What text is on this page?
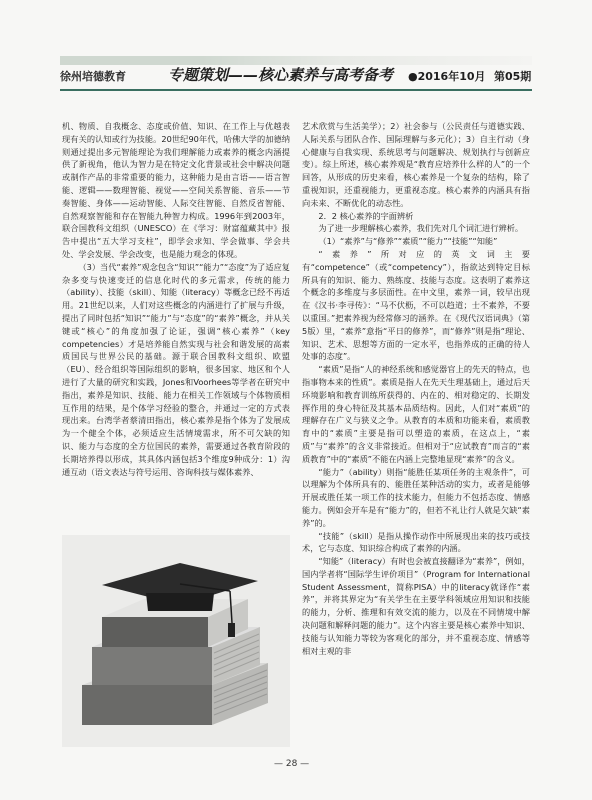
徐州培德教育	专题策划——核心素养与高考备考 ●2016年10月 第05期

机、物质、自我概念、态度或价值、知识、在工作上与优越表现有关的认知或行为技能。20世纪90年代，哈佛大学的加德纳则通过提出多元智能理论为我们理解能力或素养的概念内涵提供了新视角，他认为智力是在特定文化背景或社会中解决问题或制作产品的非常重要的能力，这种能力是由言语——语言智能、逻辑——数理智能、视觉——空间关系智能、音乐——节奏智能、身体——运动智能、人际交往智能、自然反省智能、自然观察智能和存在智能九种智力构成。1996年到2003年，联合国教科文组织（UNESCO）在《学习：财富蕴藏其中》报告中提出“五大学习支柱”，即学会求知、学会做事、学会共处、学会发展、学会改变，也是能力观念的体现。

（3）当代“素养”观念包含“知识”“能力”“态度”为了适应复杂多变与快速变迁的信息化时代的多元需求，传统的能力（ability）、技能（skill）、知能（literacy）等概念已经不再适用。21世纪以来，人们对这些概念的内涵进行了扩展与升级，提出了同时包括“知识”“能力”与“态度”的“素养”概念，并从关键或“核心”的角度加强了论证，强调“核心素养”（key competencies）才是培养能自然实现与社会和谐发展的高素质国民与世界公民的基础。源于联合国教科文组织、欧盟（EU）、经合组织等国际组织的影响，很多国家、地区和个人进行了大量的研究和实践，Jones和Voorhees等学者在研究中指出，素养是知识、技能、能力在相关工作领域与个体物质相互作用的结果，是个体学习经验的整合，并通过一定的方式表现出来。台湾学者蔡清田指出，核心素养是指个体为了发展成为一个健全个体，必须适应生活情境需求，所不可欠缺的知识、能力与态度的全方位国民的素养，需要通过各教育阶段的长期培养得以形成，其具体内涵包括3个维度9种成分：1）沟通互动（语文表达与符号运用、咨询科技与媒体素养、

艺术欣赏与生活美学）；2）社会参与（公民责任与道德实践、人际关系与团队合作、国际理解与多元化）；3）自主行动（身心健康与自我实现、系统思考与问题解决、规划执行与创新应变）。综上所述，核心素养观是“教育应培养什么样的人”的一个回答，从形成的历史来看，核心素养是一个复杂的结构，除了重视知识，还重视能力，更重视态度。核心素养的内涵具有指向未来、不断优化的动态性。

2．2 核心素养的字面辨析

为了进一步理解核心素养，我们先对几个词汇进行辨析。

（1）“素养”与“修养”“素质”“能力”“技能”“知能”

“素养”所对应的英文词主要有“competence”（或“competency”），指欲达到特定目标所具有的知识、能力、熟练度、技能与态度。这表明了素养这个概念的多维度与多层面性。在中文里，素养一词，较早出现在《汉书·李寻传》：“马不伏枥，不可以趋道；士不素养，不要以重国。”把素养视为经常修习的涵养。在《现代汉语词典》（第5版）里，“素养”意指“平日的修养”，而“修养”则是指“理论、知识、艺术、思想等方面的一定水平，也指养成的正确的待人处事的态度”。

“素质”是指“人的神经系统和感觉器官上的先天的特点，也指事物本来的性质”。素质是指人在先天生理基础上，通过后天环境影响和教育训练所获得的、内在的、相对稳定的、长期发挥作用的身心特征及其基本品质结构。因此，人们对“素质”的理解存在广义与狭义之争。从教育的本质和功能来看，素质教育中的“素质”主要是指可以塑造的素质，在这点上，“素质”与“素养”的含义非常接近。但相对于“应试教育”而言的“素质教育”中的“素质”不能在内涵上完整地显现“素养”的含义。

“能力”（ability）则指“能胜任某项任务的主观条件”，可以理解为个体所具有的、能胜任某种活动的实力，或者是能够开展或胜任某一项工作的技术能力，但能力不包括态度、情感能力。例如会开车是有“能力”的，但若不礼让行人就是欠缺“素养”的。

“技能”（skill）是指从操作动作中所展现出来的技巧或技术，它与态度、知识综合构成了素养的内涵。

“知能”（literacy）有时也会被直接翻译为“素养”，例如，国内学者将“国际学生评价项目”（Program for International Student Assessment，简称PISA）中的literacy就译作“素养”，并将其界定为“有关学生在主要学科领域应用知识和技能的能力，分析、推理和有效交流的能力，以及在不同情境中解决问题和解释问题的能力”。这个内容主要是核心素养中知识、技能与认知能力等较为客观化的部分，并不重视态度、情感等相对主观的非

— 28 —
